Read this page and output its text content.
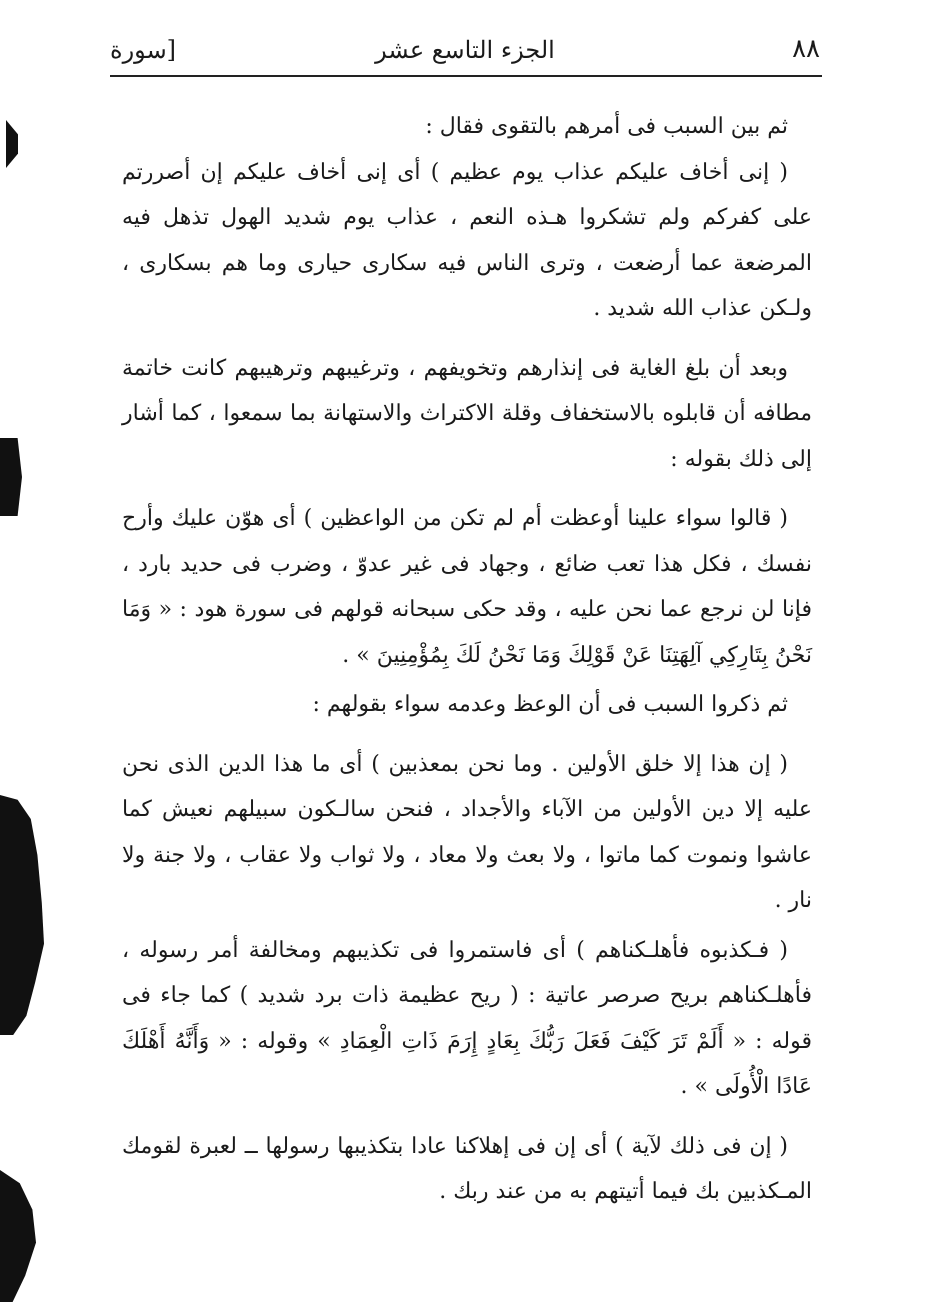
٨٨
الجزء التاسع عشر
[سورة

ثم بين السبب فى أمرهم بالتقوى فقال :

( إنى أخاف عليكم عذاب يوم عظيم ) أى إنى أخاف عليكم إن أصررتم على كفركم ولم تشكروا هـذه النعم ، عذاب يوم شديد الهول تذهل فيه المرضعة عما أرضعت ، وترى الناس فيه سكارى حيارى وما هم بسكارى ، ولـكن عذاب الله شديد .

وبعد أن بلغ الغاية فى إنذارهم وتخويفهم ، وترغيبهم وترهيبهم كانت خاتمة مطافه أن قابلوه بالاستخفاف وقلة الاكتراث والاستهانة بما سمعوا ، كما أشار إلى ذلك بقوله :

( قالوا سواء علينا أوعظت أم لم تكن من الواعظين ) أى هوّن عليك وأرح نفسك ، فكل هذا تعب ضائع ، وجهاد فى غير عدوّ ، وضرب فى حديد بارد ، فإنا لن نرجع عما نحن عليه ، وقد حكى سبحانه قولهم فى سورة هود : « وَمَا نَحْنُ بِتَارِكِي آلِهَتِنَا عَنْ قَوْلِكَ وَمَا نَحْنُ لَكَ بِمُؤْمِنِينَ » .

ثم ذكروا السبب فى أن الوعظ وعدمه سواء بقولهم :

( إن هذا إلا خلق الأولين . وما نحن بمعذبين ) أى ما هذا الدين الذى نحن عليه إلا دين الأولين من الآباء والأجداد ، فنحن سالـكون سبيلهم نعيش كما عاشوا ونموت كما ماتوا ، ولا بعث ولا معاد ، ولا ثواب ولا عقاب ، ولا جنة ولا نار .

( فـكذبوه فأهلـكناهم ) أى فاستمروا فى تكذيبهم ومخالفة أمر رسوله ، فأهلـكناهم بريح صرصر عاتية : ( ريح عظيمة ذات برد شديد ) كما جاء فى قوله : « أَلَمْ تَرَ كَيْفَ فَعَلَ رَبُّكَ بِعَادٍ إِرَمَ ذَاتِ الْعِمَادِ » وقوله : « وَأَنَّهُ أَهْلَكَ عَادًا الْأُولَى » .

( إن فى ذلك لآية ) أى إن فى إهلاكنا عادا بتكذيبها رسولها ــ لعبرة لقومك المـكذبين بك فيما أتيتهم به من عند ربك .
